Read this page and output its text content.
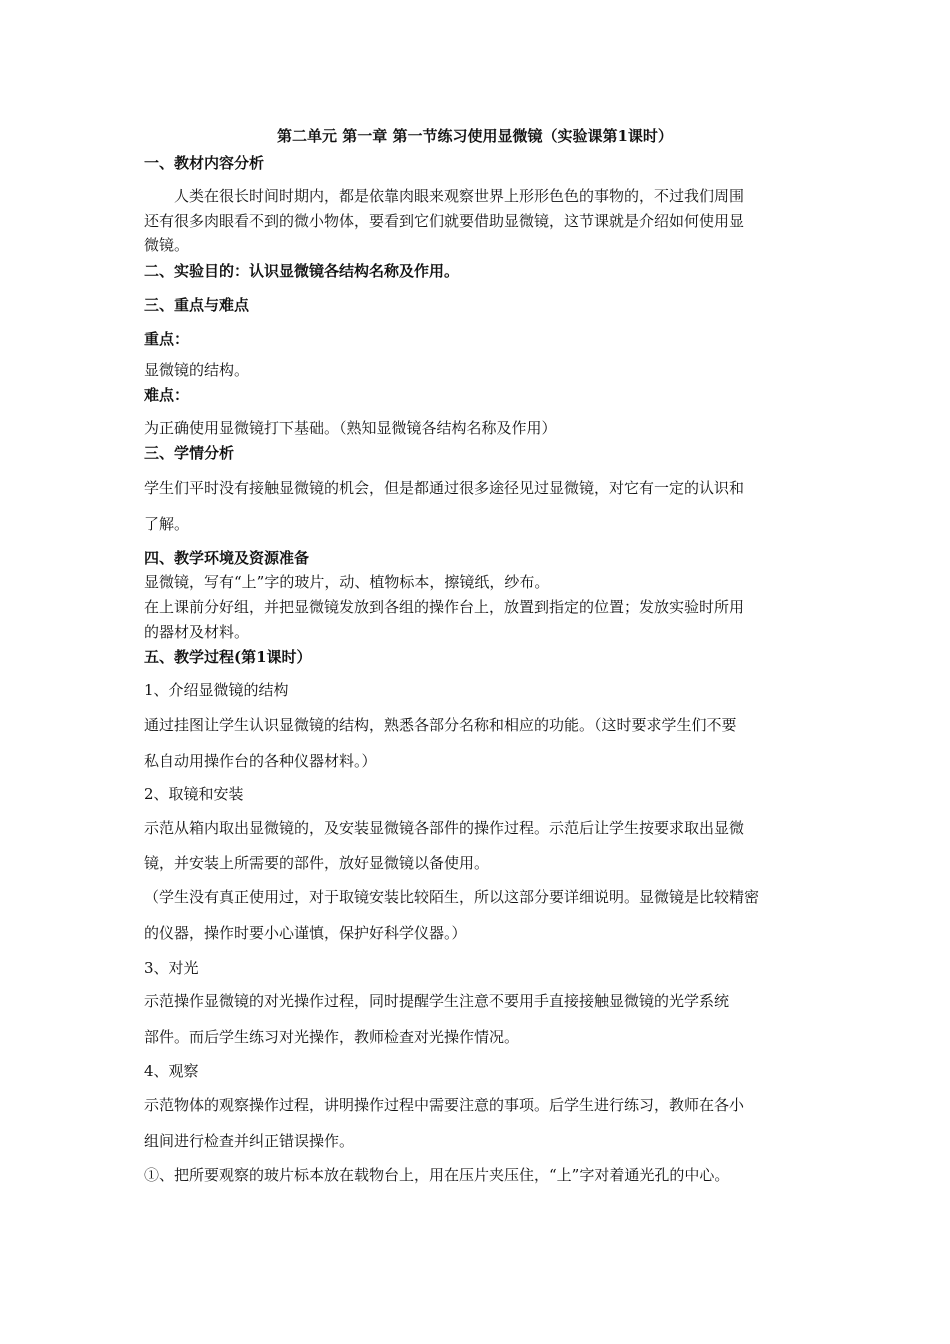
第二单元 第一章 第一节练习使用显微镜（实验课第1课时）
一、教材内容分析
人类在很长时间时期内，都是依靠肉眼来观察世界上形形色色的事物的，不过我们周围
还有很多肉眼看不到的微小物体，要看到它们就要借助显微镜，这节课就是介绍如何使用显
微镜。
二、实验目的：认识显微镜各结构名称及作用。
三、重点与难点
重点：
显微镜的结构。
难点：
为正确使用显微镜打下基础。（熟知显微镜各结构名称及作用）
三、学情分析
学生们平时没有接触显微镜的机会，但是都通过很多途径见过显微镜，对它有一定的认识和
了解。
四、教学环境及资源准备
显微镜，写有“上”字的玻片，动、植物标本，擦镜纸，纱布。
在上课前分好组，并把显微镜发放到各组的操作台上，放置到指定的位置；发放实验时所用
的器材及材料。
五、教学过程(第1课时）
1、介绍显微镜的结构
通过挂图让学生认识显微镜的结构，熟悉各部分名称和相应的功能。（这时要求学生们不要
私自动用操作台的各种仪器材料。）
2、取镜和安装
示范从箱内取出显微镜的，及安装显微镜各部件的操作过程。示范后让学生按要求取出显微
镜，并安装上所需要的部件，放好显微镜以备使用。
（学生没有真正使用过，对于取镜安装比较陌生，所以这部分要详细说明。显微镜是比较精密
的仪器，操作时要小心谨慎，保护好科学仪器。）
3、对光
示范操作显微镜的对光操作过程，同时提醒学生注意不要用手直接接触显微镜的光学系统
部件。而后学生练习对光操作，教师检查对光操作情况。
4、观察
示范物体的观察操作过程，讲明操作过程中需要注意的事项。后学生进行练习，教师在各小
组间进行检查并纠正错误操作。
①、把所要观察的玻片标本放在载物台上，用在压片夹压住，“上”字对着通光孔的中心。
